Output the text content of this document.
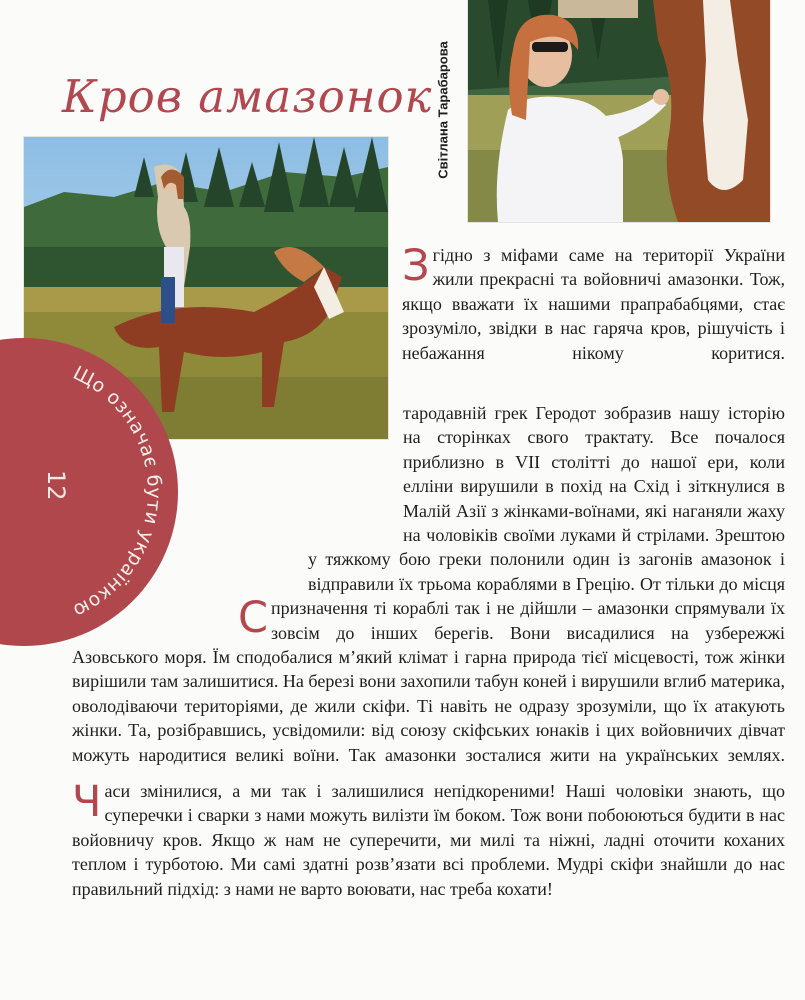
Кров амазонок Світлана Тарабарова
Що означає бути українкою
12

Згідно з міфами саме на території України жили прекрасні та войовничі амазонки. Тож, якщо вважати їх нашими прапрабабцями, стає зрозуміло, звідки в нас гаряча кров, рішучість і небажання нікому коритися.

С
тародавній грек Геродот зобразив нашу історію на сторінках свого трактату. Все почалося приблизно в VII столітті до нашої ери, коли елліни вирушили в похід на Схід і зіткнулися в Малій Азії з жінками-воїнами, які наганяли жаху на чоловіків своїми луками й стрілами. Зрештою у тяжкому бою греки полонили один із загонів амазонок і відправили їх трьома кораблями в Грецію. От тільки до місця призначення ті кораблі так і не дійшли – амазонки спрямували їх зовсім до інших берегів. Вони висадилися на узбережжі Азовського моря. Їм сподобалися м’який клімат і гарна природа тієї місцевості, тож жінки вирішили там залишитися. На березі вони захопили табун коней і вирушили вглиб материка, оволодіваючи територіями, де жили скіфи. Ті навіть не одразу зрозуміли, що їх атакують жінки. Та, розібравшись, усвідомили: від союзу скіфських юнаків і цих войовничих дівчат можуть народитися великі воїни. Так амазонки зосталися жити на українських землях.

Часи змінилися, а ми так і залишилися непідкореними! Наші чоловіки знають, що суперечки і сварки з нами можуть вилізти їм боком. Тож вони побоюються будити в нас войовничу кров. Якщо ж нам не суперечити, ми милі та ніжні, ладні оточити коханих теплом і турботою. Ми самі здатні розв’язати всі проблеми. Мудрі скіфи знайшли до нас правильний підхід: з нами не варто воювати, нас треба кохати!
